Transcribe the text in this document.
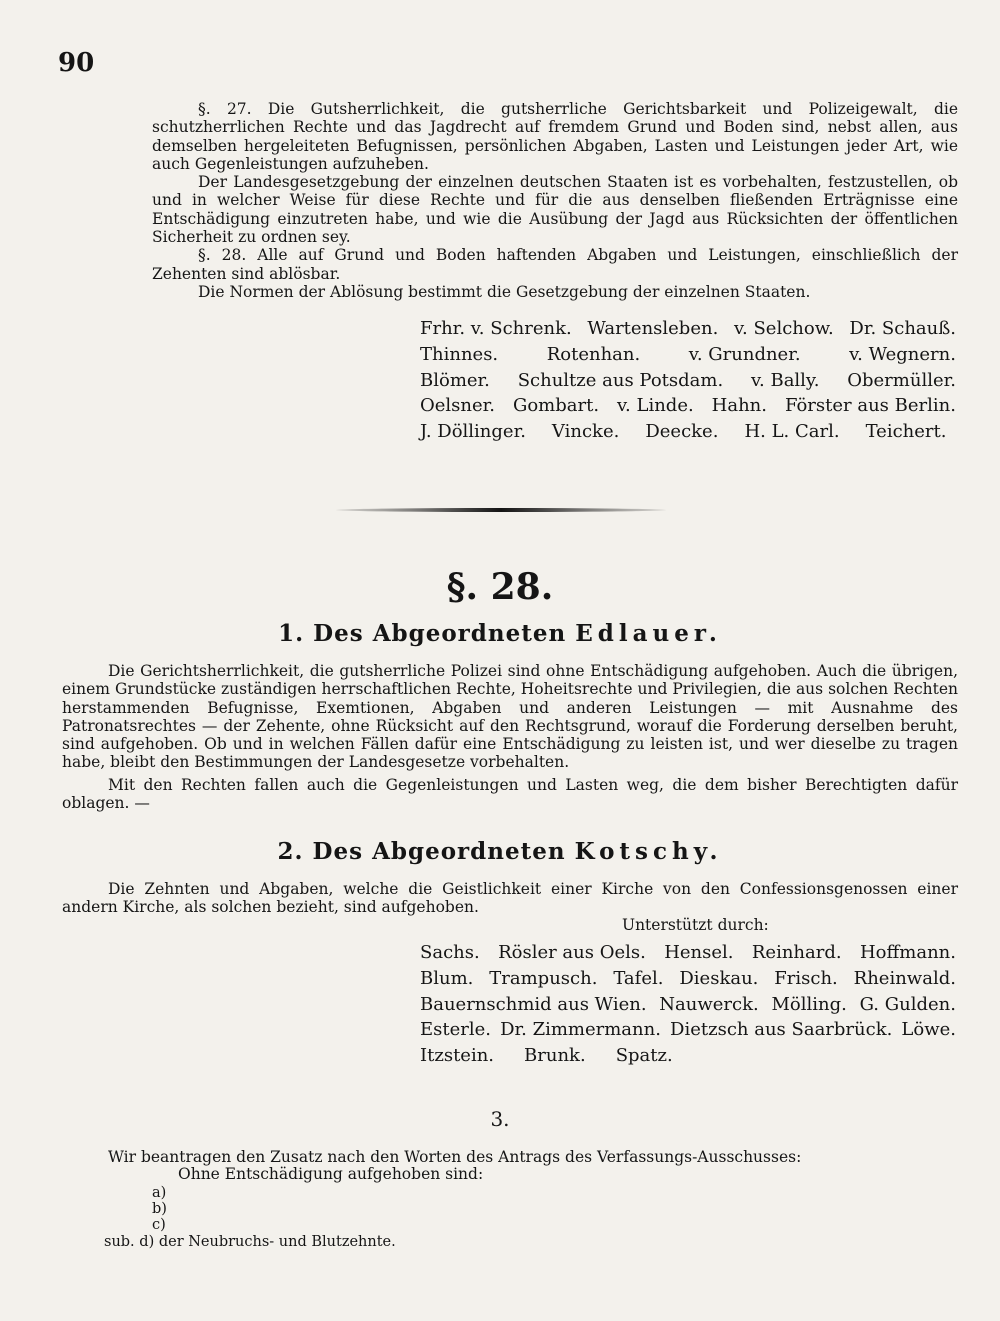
90

§. 27. Die Gutsherrlichkeit, die gutsherrliche Gerichtsbarkeit und Polizeigewalt, die schutzherrlichen Rechte und das Jagdrecht auf fremdem Grund und Boden sind, nebst allen, aus demselben hergeleiteten Befugnissen, persönlichen Abgaben, Lasten und Leistungen jeder Art, wie auch Gegenleistungen aufzuheben.

Der Landesgesetzgebung der einzelnen deutschen Staaten ist es vorbehalten, festzustellen, ob und in welcher Weise für diese Rechte und für die aus denselben fließenden Erträgnisse eine Entschädigung einzutreten habe, und wie die Ausübung der Jagd aus Rücksichten der öffentlichen Sicherheit zu ordnen sey.

§. 28. Alle auf Grund und Boden haftenden Abgaben und Leistungen, einschließlich der Zehenten sind ablösbar.

Die Normen der Ablösung bestimmt die Gesetzgebung der einzelnen Staaten.

Frhr. v. Schrenk. Wartensleben. v. Selchow. Dr. Schauß.
Thinnes.	Rotenhan.	v. Grundner.	v. Wegnern.
Blömer. Schultze aus Potsdam. v. Bally. Obermüller.
Oelsner. Gombart. v. Linde. Hahn. Förster aus Berlin.
J. Döllinger. Vincke. Deecke. H. L. Carl. Teichert.
§. 28.
1. Des Abgeordneten Edlauer.

Die Gerichtsherrlichkeit, die gutsherrliche Polizei sind ohne Entschädigung aufgehoben. Auch die übrigen, einem Grundstücke zuständigen herrschaftlichen Rechte, Hoheitsrechte und Privilegien, die aus solchen Rechten herstammenden Befugnisse, Exemtionen, Abgaben und anderen Leistungen — mit Ausnahme des Patronatsrechtes — der Zehente, ohne Rücksicht auf den Rechtsgrund, worauf die Forderung derselben beruht, sind aufgehoben. Ob und in welchen Fällen dafür eine Entschädigung zu leisten ist, und wer dieselbe zu tragen habe, bleibt den Bestimmungen der Landesgesetze vorbehalten.

Mit den Rechten fallen auch die Gegenleistungen und Lasten weg, die dem bisher Berechtigten dafür oblagen. —

2. Des Abgeordneten Kotschy.

Die Zehnten und Abgaben, welche die Geistlichkeit einer Kirche von den Confessionsgenossen einer andern Kirche, als solchen bezieht, sind aufgehoben.

Unterstützt durch:
Sachs. Rösler aus Oels. Hensel. Reinhard. Hoffmann.
Blum. Trampusch. Tafel. Dieskau. Frisch. Rheinwald.
Bauernschmid aus Wien. Nauwerck. Mölling. G. Gulden.
Esterle. Dr. Zimmermann. Dietzsch aus Saarbrück. Löwe.
Itzstein. Brunk. Spatz.
3.

Wir beantragen den Zusatz nach den Worten des Antrags des Verfassungs-Ausschusses:

Ohne Entschädigung aufgehoben sind:
a)
b)
c)
sub. d) der Neubruchs- und Blutzehnte.
